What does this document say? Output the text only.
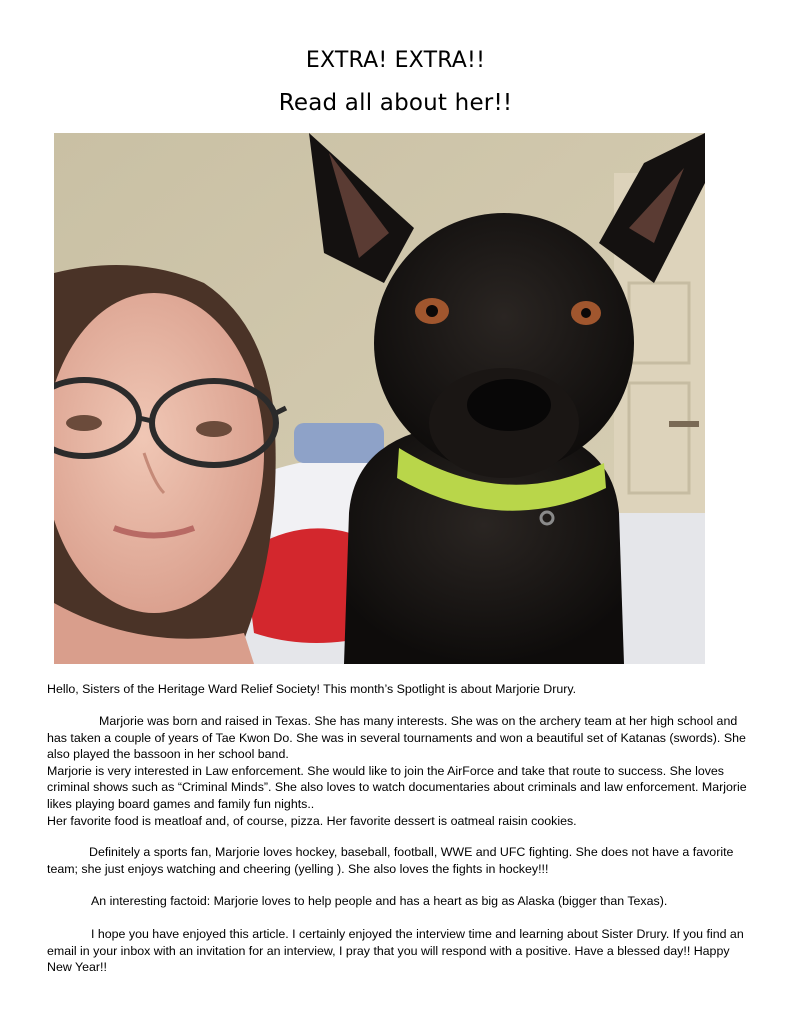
EXTRA! EXTRA!!
Read all about her!!

Hello, Sisters of the Heritage Ward Relief Society! This month’s Spotlight is about Marjorie Drury.

Marjorie was born and raised in Texas. She has many interests. She was on the archery team at her high school and has taken a couple of years of Tae Kwon Do. She was in several tournaments and won a beautiful set of Katanas (swords). She also played the bassoon in her school band.

Marjorie is very interested in Law enforcement. She would like to join the AirForce and take that route to success. She loves criminal shows such as “Criminal Minds”. She also loves to watch documentaries about criminals and law enforcement. Marjorie likes playing board games and family fun nights..

Her favorite food is meatloaf and, of course, pizza. Her favorite dessert is oatmeal raisin cookies.

Definitely a sports fan, Marjorie loves hockey, baseball, football, WWE and UFC fighting. She does not have a favorite team; she just enjoys watching and cheering (yelling ). She also loves the fights in hockey!!!

An interesting factoid: Marjorie loves to help people and has a heart as big as Alaska (bigger than Texas).

I hope you have enjoyed this article. I certainly enjoyed the interview time and learning about Sister Drury. If you find an email in your inbox with an invitation for an interview, I pray that you will respond with a positive. Have a blessed day!! Happy New Year!!
